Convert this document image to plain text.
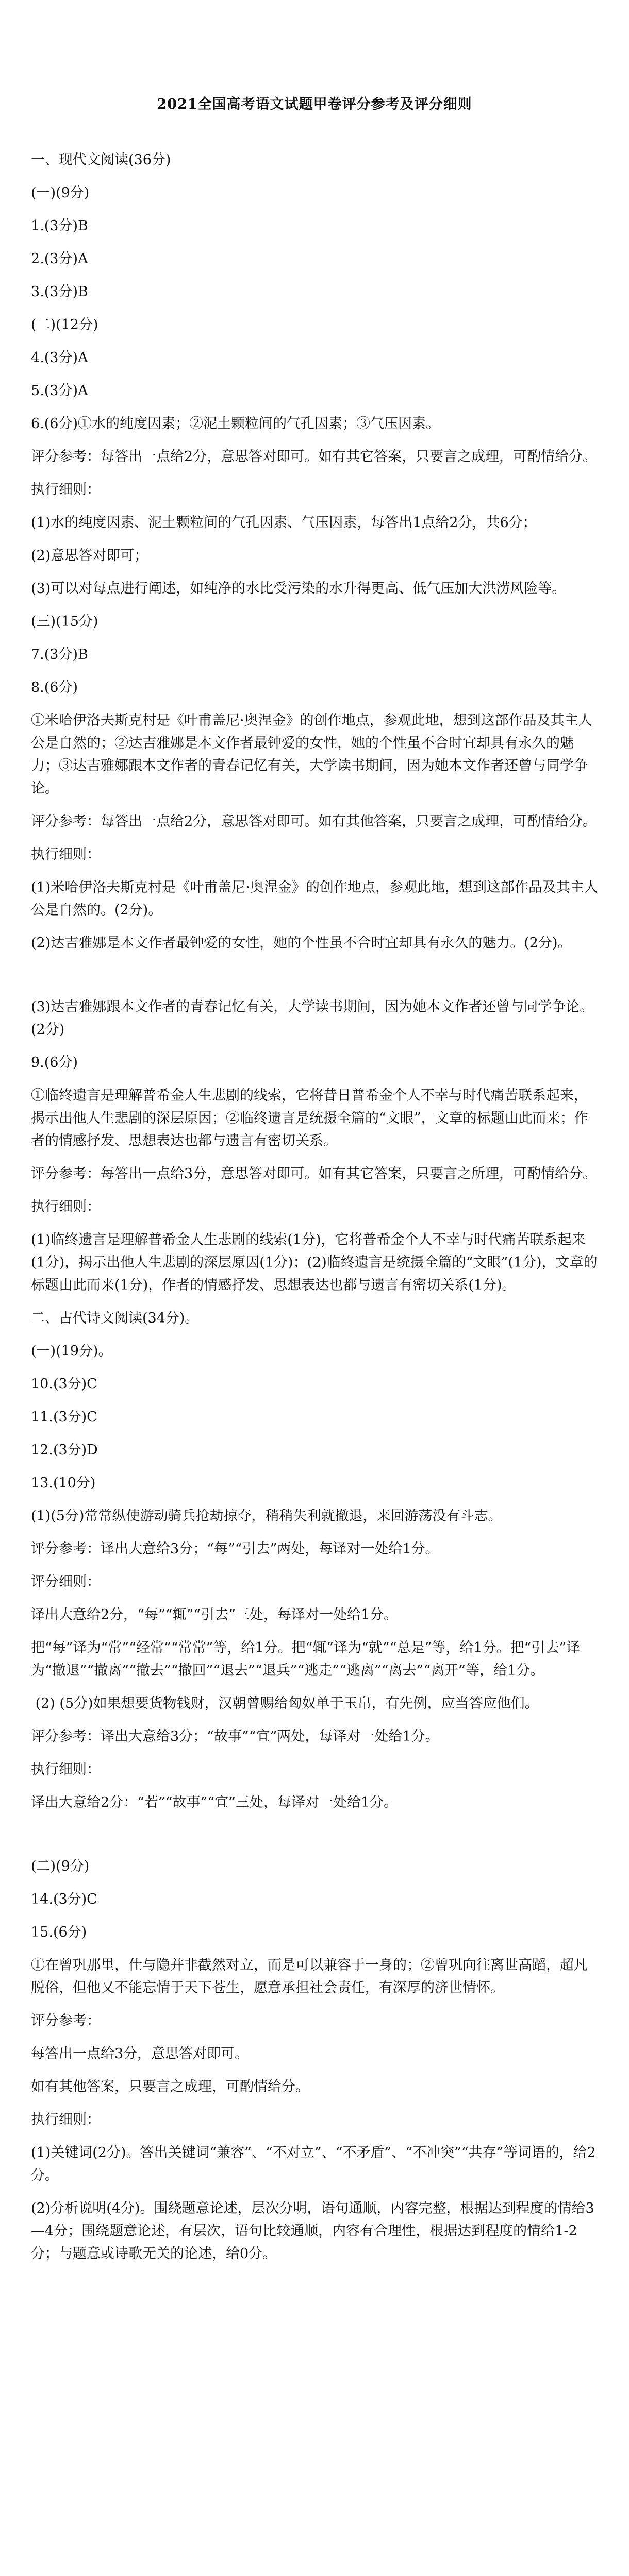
2021全国高考语文试题甲卷评分参考及评分细则
一、现代文阅读(36分)
(一)(9分)
1.(3分)B
2.(3分)A
3.(3分)B
(二)(12分)
4.(3分)A
5.(3分)A
6.(6分)①水的纯度因素；②泥土颗粒间的气孔因素；③气压因素。
评分参考：每答出一点给2分，意思答对即可。如有其它答案，只要言之成理，可酌情给分。
执行细则：
(1)水的纯度因素、泥土颗粒间的气孔因素、气压因素，每答出1点给2分，共6分；
(2)意思答对即可；
(3)可以对每点进行阐述，如纯净的水比受污染的水升得更高、低气压加大洪涝风险等。
(三)(15分)
7.(3分)B
8.(6分)
①米哈伊洛夫斯克村是《叶甫盖尼·奥涅金》的创作地点，参观此地，想到这部作品及其主人公是自然的；②达吉雅娜是本文作者最钟爱的女性，她的个性虽不合时宜却具有永久的魅力；③达吉雅娜跟本文作者的青春记忆有关，大学读书期间，因为她本文作者还曾与同学争论。
评分参考：每答出一点给2分，意思答对即可。如有其他答案，只要言之成理，可酌情给分。
执行细则：
(1)米哈伊洛夫斯克村是《叶甫盖尼·奥涅金》的创作地点，参观此地，想到这部作品及其主人公是自然的。(2分)。
(2)达吉雅娜是本文作者最钟爱的女性，她的个性虽不合时宜却具有永久的魅力。(2分)。
(3)达吉雅娜跟本文作者的青春记忆有关，大学读书期间，因为她本文作者还曾与同学争论。(2分)
9.(6分)
①临终遗言是理解普希金人生悲剧的线索，它将昔日普希金个人不幸与时代痛苦联系起来，揭示出他人生悲剧的深层原因；②临终遗言是统摄全篇的“文眼”，文章的标题由此而来；作者的情感抒发、思想表达也都与遗言有密切关系。
评分参考：每答出一点给3分，意思答对即可。如有其它答案，只要言之所理，可酌情给分。
执行细则：
(1)临终遗言是理解普希金人生悲剧的线索(1分)，它将普希金个人不幸与时代痛苦联系起来(1分)，揭示出他人生悲剧的深层原因(1分)；(2)临终遗言是统摄全篇的“文眼”(1分)，文章的标题由此而来(1分)，作者的情感抒发、思想表达也都与遗言有密切关系(1分)。
二、古代诗文阅读(34分)。
(一)(19分)。
10.(3分)C
11.(3分)C
12.(3分)D
13.(10分)
(1)(5分)常常纵使游动骑兵抢劫掠夺，稍稍失利就撤退，来回游荡没有斗志。
评分参考：译出大意给3分；“每”“引去”两处，每译对一处给1分。
评分细则：
译出大意给2分，“每”“辄”“引去”三处，每译对一处给1分。
把“每”译为“常”“经常”“常常”等，给1分。把“辄”译为“就”“总是”等，给1分。把“引去”译为“撤退”“撤离”“撤去”“撤回”“退去”“退兵”“逃走”“逃离”“离去”“离开”等，给1分。
(2) (5分)如果想要货物钱财，汉朝曾赐给匈奴单于玉帛，有先例，应当答应他们。
评分参考：译出大意给3分；“故事”“宜”两处，每译对一处给1分。
执行细则：
译出大意给2分：“若”“故事”“宜”三处，每译对一处给1分。
(二)(9分)
14.(3分)C
15.(6分)
①在曾巩那里，仕与隐并非截然对立，而是可以兼容于一身的；②曾巩向往离世高蹈，超凡脱俗，但他又不能忘情于天下苍生，愿意承担社会责任，有深厚的济世情怀。
评分参考：
每答出一点给3分，意思答对即可。
如有其他答案，只要言之成理，可酌情给分。
执行细则：
(1)关键词(2分)。答出关键词“兼容”、“不对立”、“不矛盾”、“不冲突”“共存”等词语的，给2分。
(2)分析说明(4分)。围绕题意论述，层次分明，语句通顺，内容完整，根据达到程度的情给3—4分；围绕题意论述，有层次，语句比较通顺，内容有合理性，根据达到程度的情给1-2分；与题意或诗歌无关的论述，给0分。
